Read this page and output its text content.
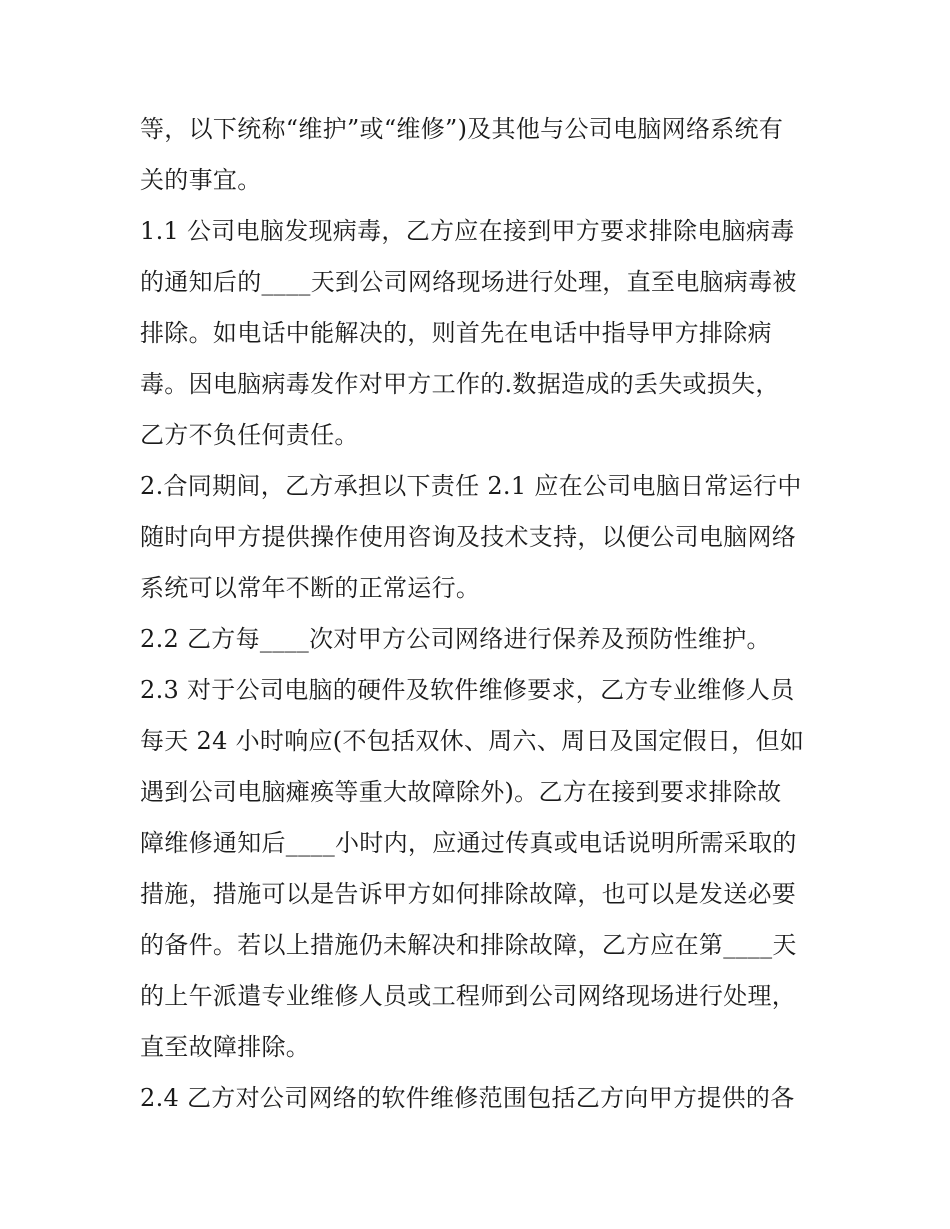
等，以下统称“维护”或“维修”)及其他与公司电脑网络系统有
关的事宜。
1.1 公司电脑发现病毒，乙方应在接到甲方要求排除电脑病毒
的通知后的____天到公司网络现场进行处理，直至电脑病毒被
排除。如电话中能解决的，则首先在电话中指导甲方排除病
毒。因电脑病毒发作对甲方工作的.数据造成的丢失或损失，
乙方不负任何责任。
2.合同期间，乙方承担以下责任 2.1 应在公司电脑日常运行中
随时向甲方提供操作使用咨询及技术支持，以便公司电脑网络
系统可以常年不断的正常运行。
2.2 乙方每____次对甲方公司网络进行保养及预防性维护。
2.3 对于公司电脑的硬件及软件维修要求，乙方专业维修人员
每天 24 小时响应(不包括双休、周六、周日及国定假日，但如
遇到公司电脑瘫痪等重大故障除外)。乙方在接到要求排除故
障维修通知后____小时内，应通过传真或电话说明所需采取的
措施，措施可以是告诉甲方如何排除故障，也可以是发送必要
的备件。若以上措施仍未解决和排除故障，乙方应在第____天
的上午派遣专业维修人员或工程师到公司网络现场进行处理，
直至故障排除。
2.4 乙方对公司网络的软件维修范围包括乙方向甲方提供的各
